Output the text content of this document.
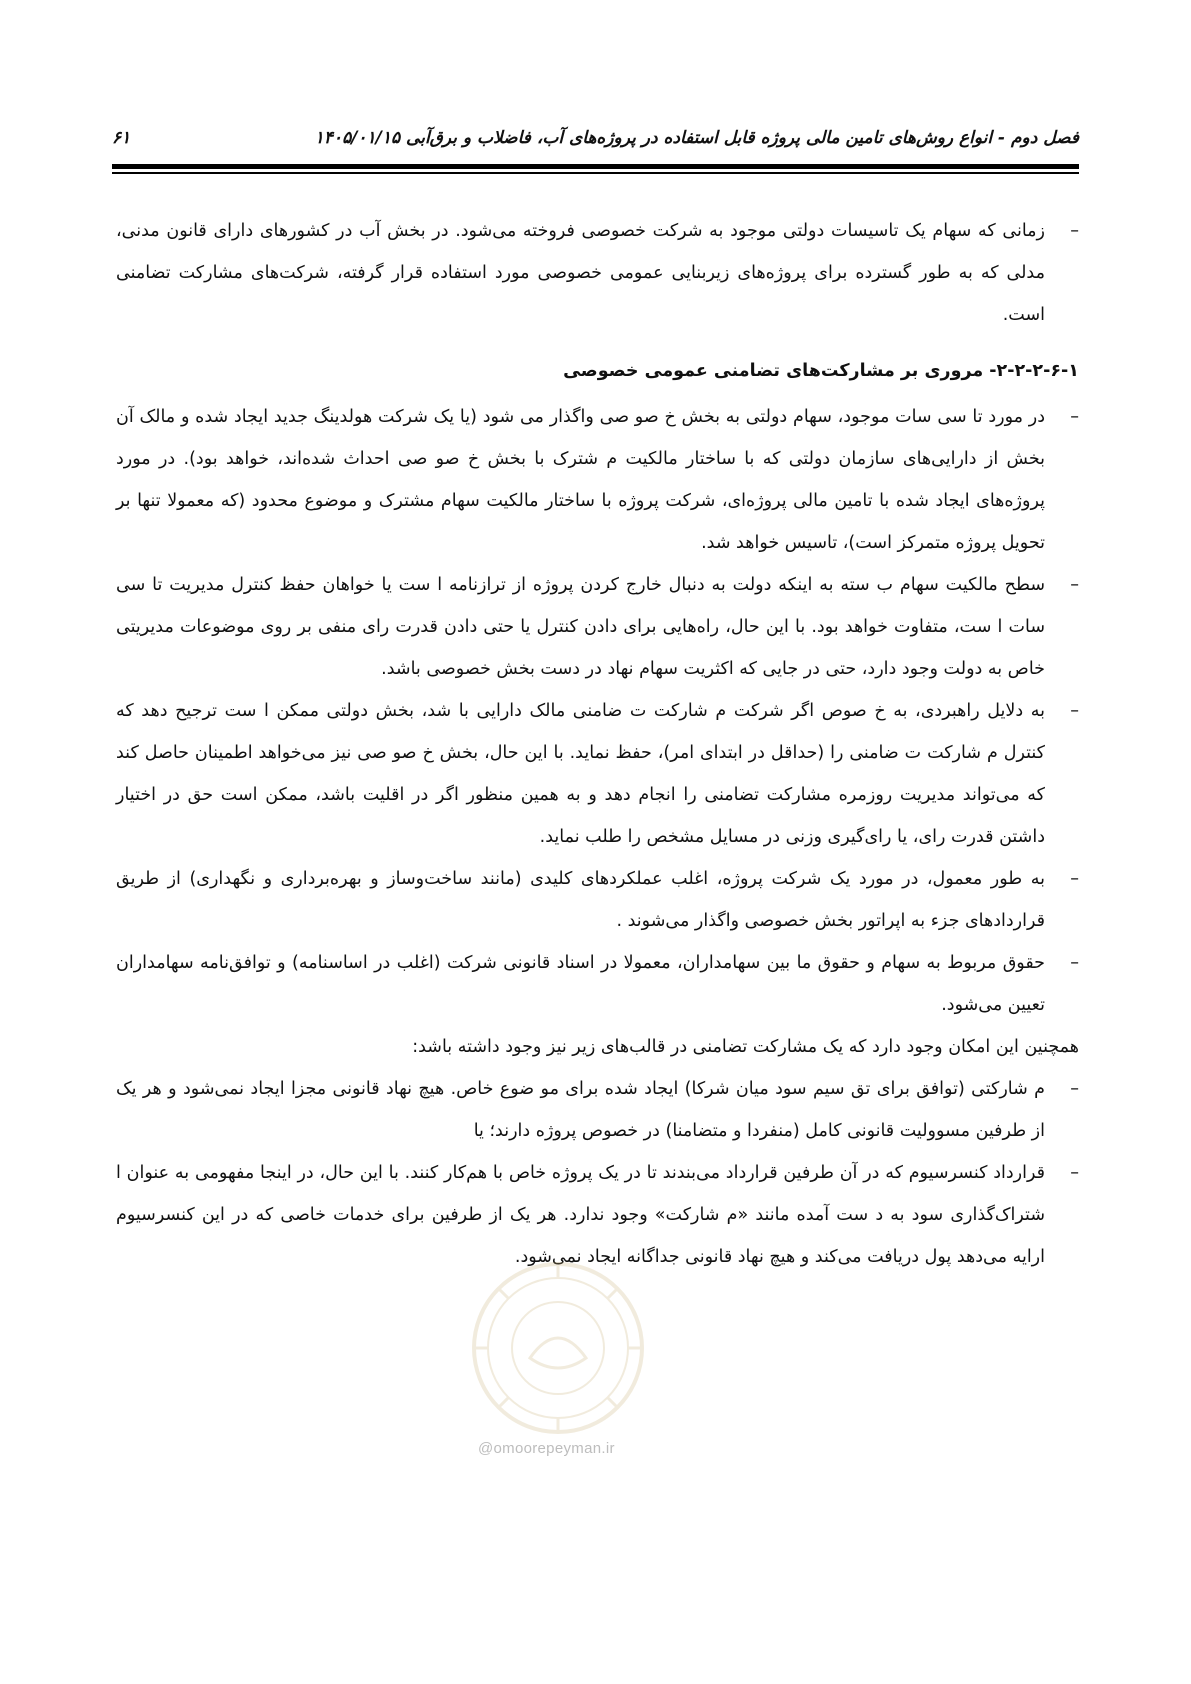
فصل دوم - انواع روش‌های تامین مالی پروژه قابل استفاده در پروژه‌های آب، فاضلاب و برق‌آبی ۱۴۰۵/۰۱/۱۵
۶۱
–
زمانی که سهام یک تاسیسات دولتی موجود به شرکت خصوصی فروخته می‌شود. در بخش آب در کشورهای دارای قانون مدنی، مدلی که به طور گسترده برای پروژه‌های زیربنایی عمومی خصوصی مورد استفاده قرار گرفته، شرکت‌های مشارکت تضامنی است.
۲-۲-۲-۶-۱- مروری بر مشارکت‌های تضامنی عمومی خصوصی
–
در مورد تا سی سات موجود، سهام دولتی به بخش خ صو صی واگذار می شود (یا یک شرکت هولدینگ جدید ایجاد شده و مالک آن بخش از دارایی‌های سازمان دولتی که با ساختار مالکیت م شترک با بخش خ صو صی احداث شده‌اند، خواهد بود). در مورد پروژه‌های ایجاد شده با تامین مالی پروژه‌ای، شرکت پروژه با ساختار مالکیت سهام مشترک و موضوع محدود (که معمولا تنها بر تحویل پروژه متمرکز است)، تاسیس خواهد شد.
–
سطح مالکیت سهام ب سته به اینکه دولت به دنبال خارج کردن پروژه از ترازنامه ا ست یا خواهان حفظ کنترل مدیریت تا سی سات ا ست، متفاوت خواهد بود. با این حال، راه‌هایی برای دادن کنترل یا حتی دادن قدرت رای منفی بر روی موضوعات مدیریتی خاص به دولت وجود دارد، حتی در جایی که اکثریت سهام نهاد در دست بخش خصوصی باشد.
–
به دلایل راهبردی، به خ صوص اگر شرکت م شارکت ت ضامنی مالک دارایی با شد، بخش دولتی ممکن ا ست ترجیح دهد که کنترل م شارکت ت ضامنی را (حداقل در ابتدای امر)، حفظ نماید. با این حال، بخش خ صو صی نیز می‌خواهد اطمینان حاصل کند که می‌تواند مدیریت روزمره مشارکت تضامنی را انجام دهد و به همین منظور اگر در اقلیت باشد، ممکن است حق در اختیار داشتن قدرت رای، یا رای‌گیری وزنی در مسایل مشخص را طلب نماید.
–
به طور معمول، در مورد یک شرکت پروژه، اغلب عملکردهای کلیدی (مانند ساخت‌وساز و بهره‌برداری و نگهداری) از طریق قراردادهای جزء به اپراتور بخش خصوصی واگذار می‌شوند .
–
حقوق مربوط به سهام و حقوق ما بین سهامداران، معمولا در اسناد قانونی شرکت (اغلب در اساسنامه) و توافق‌نامه سهامداران تعیین می‌شود.
همچنین این امکان وجود دارد که یک مشارکت تضامنی در قالب‌های زیر نیز وجود داشته باشد:
–
م شارکتی (توافق برای تق سیم سود میان شرکا) ایجاد شده برای مو ضوع خاص. هیچ نهاد قانونی مجزا ایجاد نمی‌شود و هر یک از طرفین مسوولیت قانونی کامل (منفردا و متضامنا) در خصوص پروژه دارند؛ یا
–
قرارداد کنسرسیوم که در آن طرفین قرارداد می‌بندند تا در یک پروژه خاص با هم‌کار کنند. با این حال، در اینجا مفهومی به عنوان ا شتراک‌گذاری سود به د ست آمده مانند «م شارکت» وجود ندارد. هر یک از طرفین برای خدمات خاصی که در این کنسرسیوم ارایه می‌دهد پول دریافت می‌کند و هیچ نهاد قانونی جداگانه ایجاد نمی‌شود.
@omoorepeyman.ir
